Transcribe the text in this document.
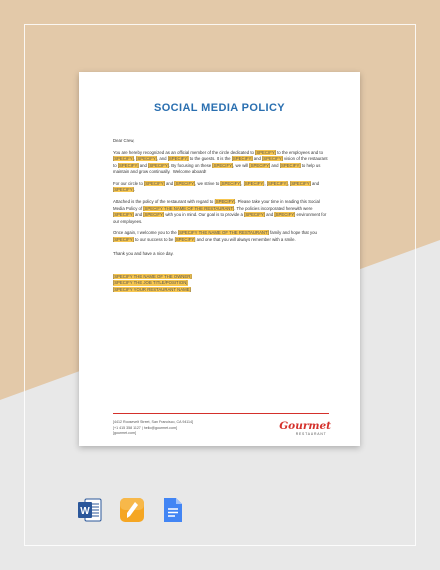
SOCIAL MEDIA POLICY

Dear Crew,

You are hereby recognized as an official member of the circle dedicated to [SPECIFY] to the employees and to [SPECIFY], [SPECIFY], and [SPECIFY] to the guests. It is the [SPECIFY] and [SPECIFY] vision of the restaurant to [SPECIFY] and [SPECIFY]. By focusing on these [SPECIFY], we will [SPECIFY] and [SPECIFY] to help us maintain and grow continually.  Welcome aboard!

For our circle to [SPECIFY] and [SPECIFY], we strive to [SPECIFY], [SPECIFY], [SPECIFY], [SPECIFY] and [SPECIFY].

Attached is the policy of the restaurant with regard to [SPECIFY]. Please take your time in reading this Social Media Policy of [SPECIFY THE NAME OF THE RESTAURANT]. The policies incorporated herewith were [SPECIFY] and [SPECIFY] with you in mind. Our goal is to provide a [SPECIFY] and [SPECIFY] environment for our employees.

Once again, I welcome you to the [SPECIFY THE NAME OF THE RESTAURANT] family and hope that you [SPECIFY] to our success to be [SPECIFY] and one that you will always remember with a smile.

Thank you and have a nice day.

[SPECIFY THE NAME OF THE OWNER]
[SPECIFY THE JOB TITLE/POSITION]
[SPECIFY YOUR RESTAURANT NAME]
[4412 Roosevelt Street, San Francisco, CA 94114]
[+1 415 358 1127 | hello@gourmet.com]
[gourmet.com]
Gourmet
RESTAURANT
W
